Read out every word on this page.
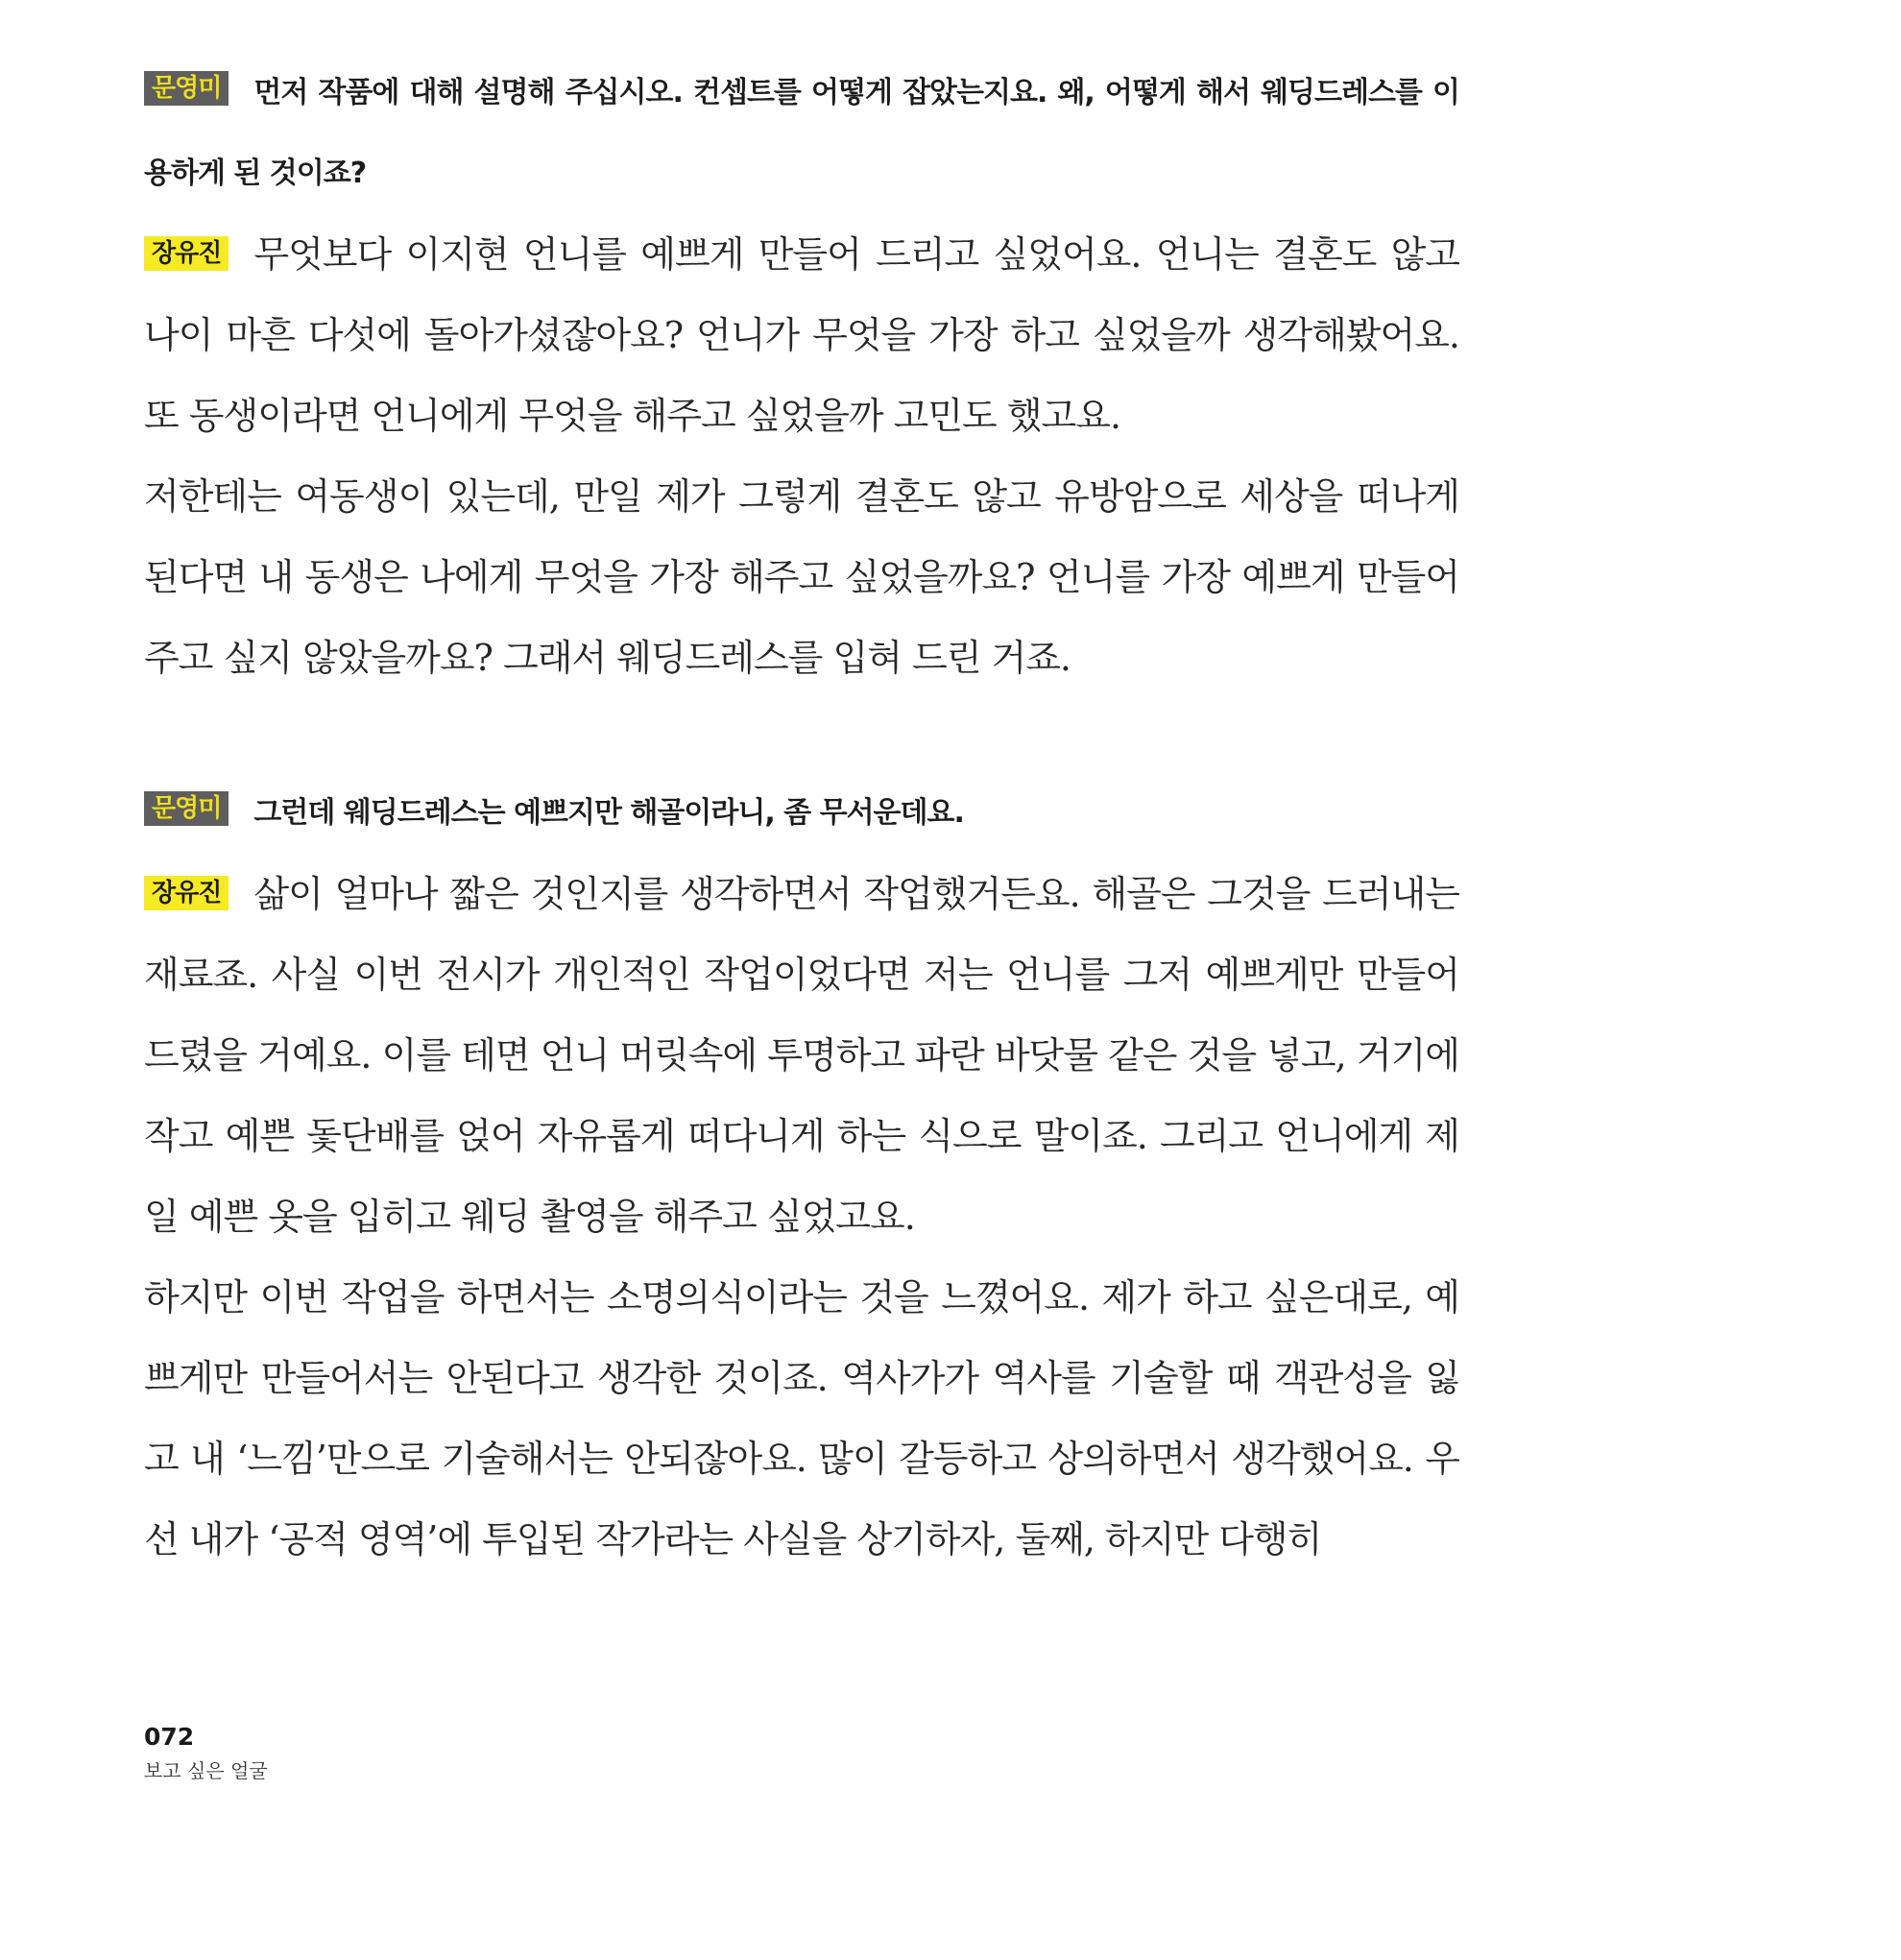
문영미 먼저 작품에 대해 설명해 주십시오. 컨셉트를 어떻게 잡았는지요. 왜, 어떻게 해서 웨딩드레스를 이용하게 된 것이죠?

장유진 무엇보다 이지현 언니를 예쁘게 만들어 드리고 싶었어요. 언니는 결혼도 않고 나이 마흔 다섯에 돌아가셨잖아요? 언니가 무엇을 가장 하고 싶었을까 생각해봤어요. 또 동생이라면 언니에게 무엇을 해주고 싶었을까 고민도 했고요.

저한테는 여동생이 있는데, 만일 제가 그렇게 결혼도 않고 유방암으로 세상을 떠나게 된다면 내 동생은 나에게 무엇을 가장 해주고 싶었을까요? 언니를 가장 예쁘게 만들어주고 싶지 않았을까요? 그래서 웨딩드레스를 입혀 드린 거죠.

문영미 그런데 웨딩드레스는 예쁘지만 해골이라니, 좀 무서운데요.

장유진 삶이 얼마나 짧은 것인지를 생각하면서 작업했거든요. 해골은 그것을 드러내는 재료죠. 사실 이번 전시가 개인적인 작업이었다면 저는 언니를 그저 예쁘게만 만들어 드렸을 거예요. 이를 테면 언니 머릿속에 투명하고 파란 바닷물 같은 것을 넣고, 거기에 작고 예쁜 돛단배를 얹어 자유롭게 떠다니게 하는 식으로 말이죠. 그리고 언니에게 제일 예쁜 옷을 입히고 웨딩 촬영을 해주고 싶었고요.

하지만 이번 작업을 하면서는 소명의식이라는 것을 느꼈어요. 제가 하고 싶은대로, 예쁘게만 만들어서는 안된다고 생각한 것이죠. 역사가가 역사를 기술할 때 객관성을 잃고 내 ‘느낌’만으로 기술해서는 안되잖아요. 많이 갈등하고 상의하면서 생각했어요. 우선 내가 ‘공적 영역’에 투입된 작가라는 사실을 상기하자, 둘째, 하지만 다행히

072
보고 싶은 얼굴
